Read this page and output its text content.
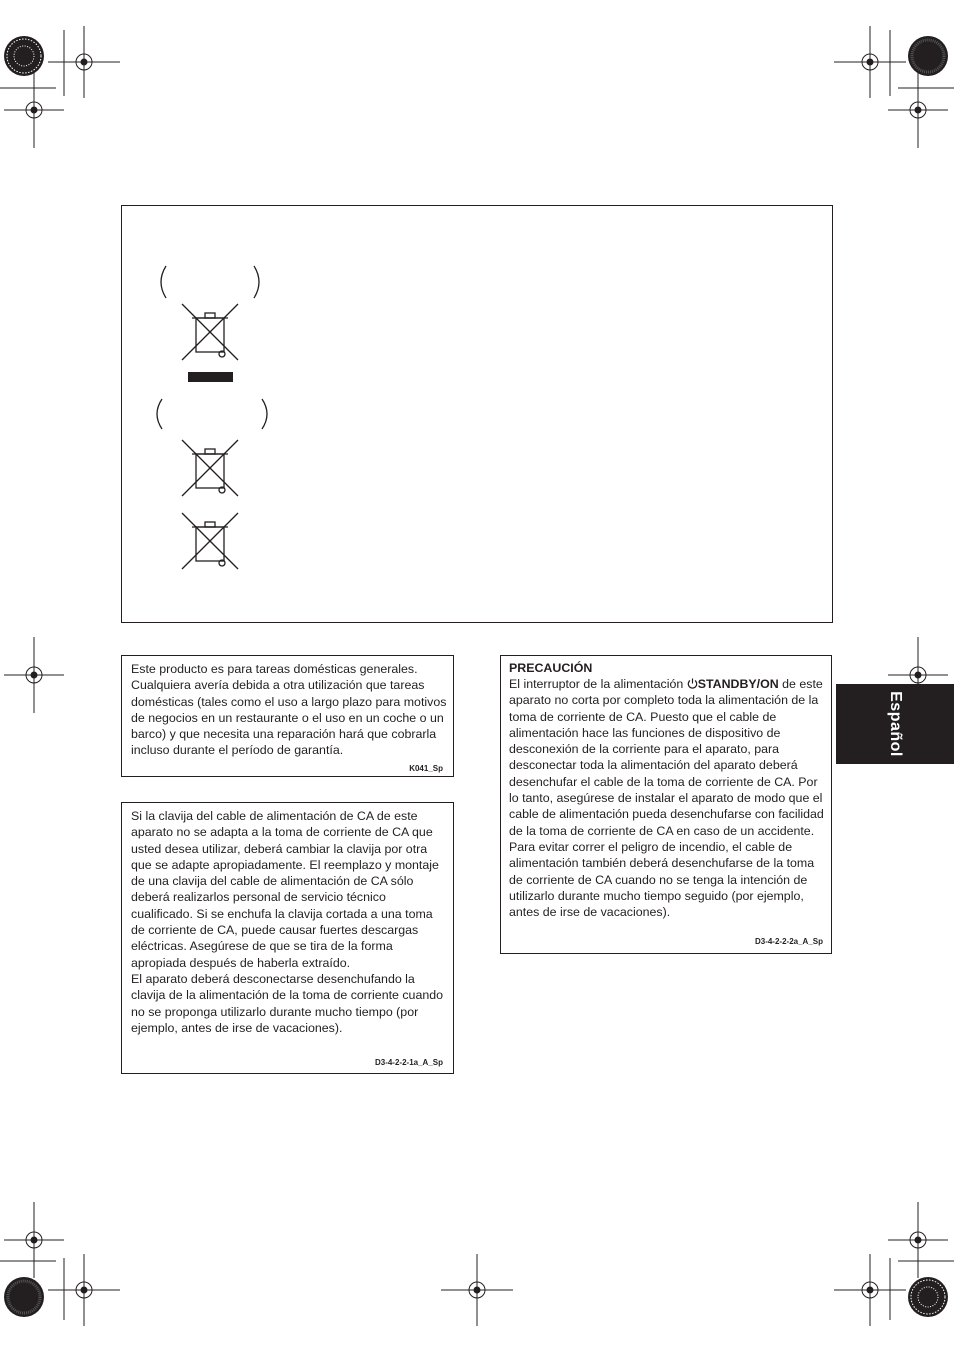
Este producto es para tareas domésticas generales. Cualquiera avería debida a otra utilización que tareas domésticas (tales como el uso a largo plazo para motivos de negocios en un restaurante o el uso en un coche o un barco) y que necesita una reparación hará que cobrarla incluso durante el período de garantía.

K041_Sp

Si la clavija del cable de alimentación de CA de este aparato no se adapta a la toma de corriente de CA que usted desea utilizar, deberá cambiar la clavija por otra que se adapte apropiadamente. El reemplazo y montaje de una clavija del cable de alimentación de CA sólo deberá realizarlos personal de servicio técnico cualificado. Si se enchufa la clavija cortada a una toma de corriente de CA, puede causar fuertes descargas eléctricas. Asegúrese de que se tira de la forma apropiada después de haberla extraído.
El aparato deberá desconectarse desenchufando la clavija de la alimentación de la toma de corriente cuando no se proponga utilizarlo durante mucho tiempo (por ejemplo, antes de irse de vacaciones).

D3-4-2-2-1a_A_Sp
PRECAUCIÓN

El interruptor de la alimentación STANDBY/ON de este aparato no corta por completo toda la alimentación de la toma de corriente de CA. Puesto que el cable de alimentación hace las funciones de dispositivo de desconexión de la corriente para el aparato, para desconectar toda la alimentación del aparato deberá desenchufar el cable de la toma de corriente de CA. Por lo tanto, asegúrese de instalar el aparato de modo que el cable de alimentación pueda desenchufarse con facilidad de la toma de corriente de CA en caso de un accidente. Para evitar correr el peligro de incendio, el cable de alimentación también deberá desenchufarse de la toma de corriente de CA cuando no se tenga la intención de utilizarlo durante mucho tiempo seguido (por ejemplo, antes de irse de vacaciones).

D3-4-2-2-2a_A_Sp
Español
